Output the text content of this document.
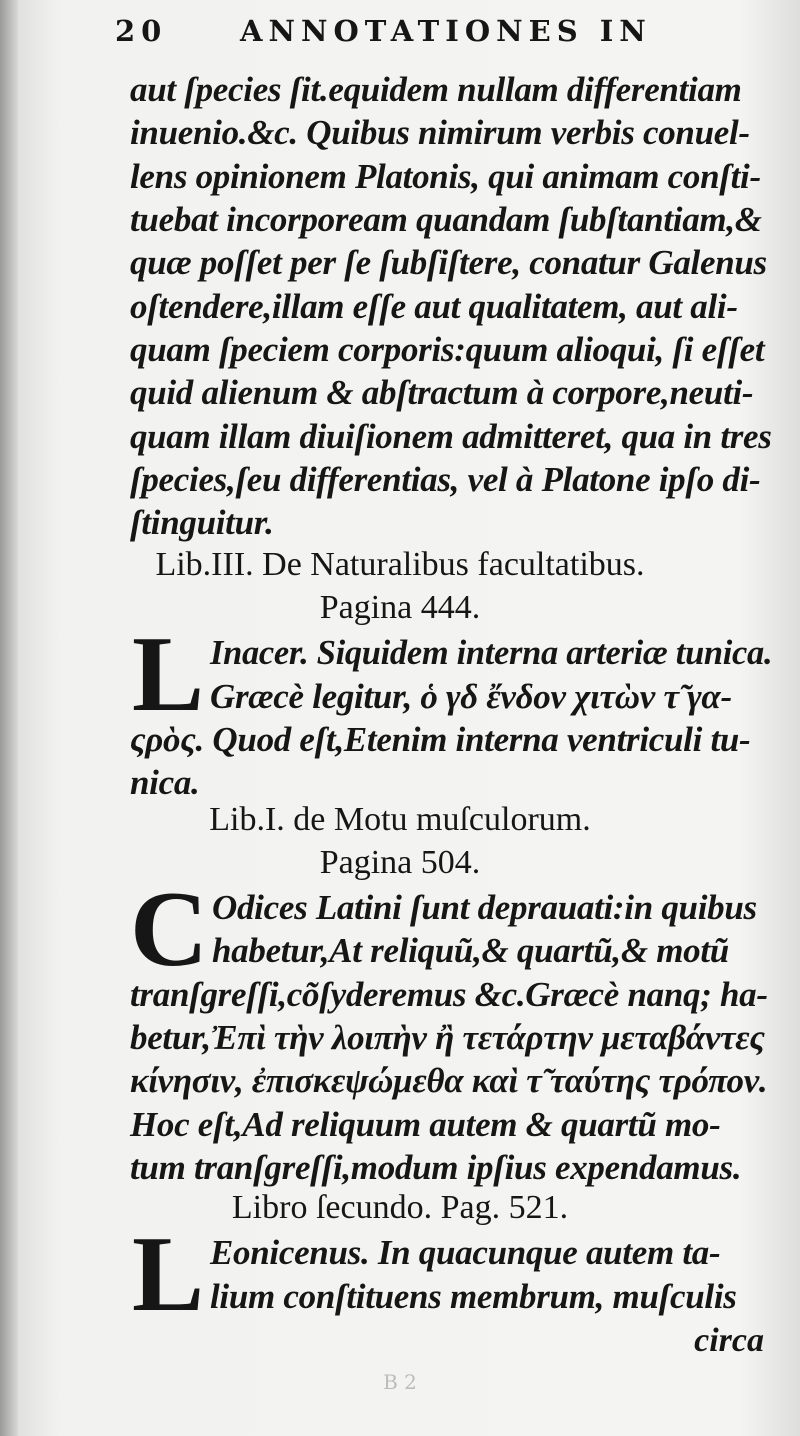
20	ANNOTATIONES IN
aut ſpecies ſit.equidem nullam differentiam
inuenio.&c. Quibus nimirum verbis conuel-
lens opinionem Platonis, qui animam conſti-
tuebat incorpoream quandam ſubſtantiam,&
quæ poſſet per ſe ſubſiſtere, conatur Galenus
oſtendere,illam eſſe aut qualitatem, aut ali-
quam ſpeciem corporis:quum alioqui, ſi eſſet
quid alienum & abſtractum à corpore,neuti-
quam illam diuiſionem admitteret, qua in tres
ſpecies,ſeu differentias, vel à Platone ipſo di-
ſtinguitur.
Lib.III. De Naturalibus facultatibus.
Pagina 444.
L Inacer. Siquidem interna arteriæ tunica.
Græcè legitur, ὁ γδ ἔνδον χιτὼν τ̃ γα-
ςρὸς. Quod eſt,Etenim interna ventriculi tu-
nica.
Lib.I. de Motu muſculorum.
Pagina 504.
C Odices Latini ſunt deprauati:in quibus
habetur,At reliquũ,& quartũ,& motũ
tranſgreſſi,cõſyderemus &c.Græcè nanq; ha-
betur,Ἐπὶ τὴν λοιπὴν ἢ τετάρτην μεταβάντες
κίνησιν, ἐπισκεψώμεθα καὶ τ̃ ταύτης τρόπον.
Hoc eſt,Ad reliquum autem & quartũ mo-
tum tranſgreſſi,modum ipſius expendamus.
Libro ſecundo. Pag. 521.
L Eonicenus. In quacunque autem ta-
lium conſtituens membrum, muſculis
circa
B 2
